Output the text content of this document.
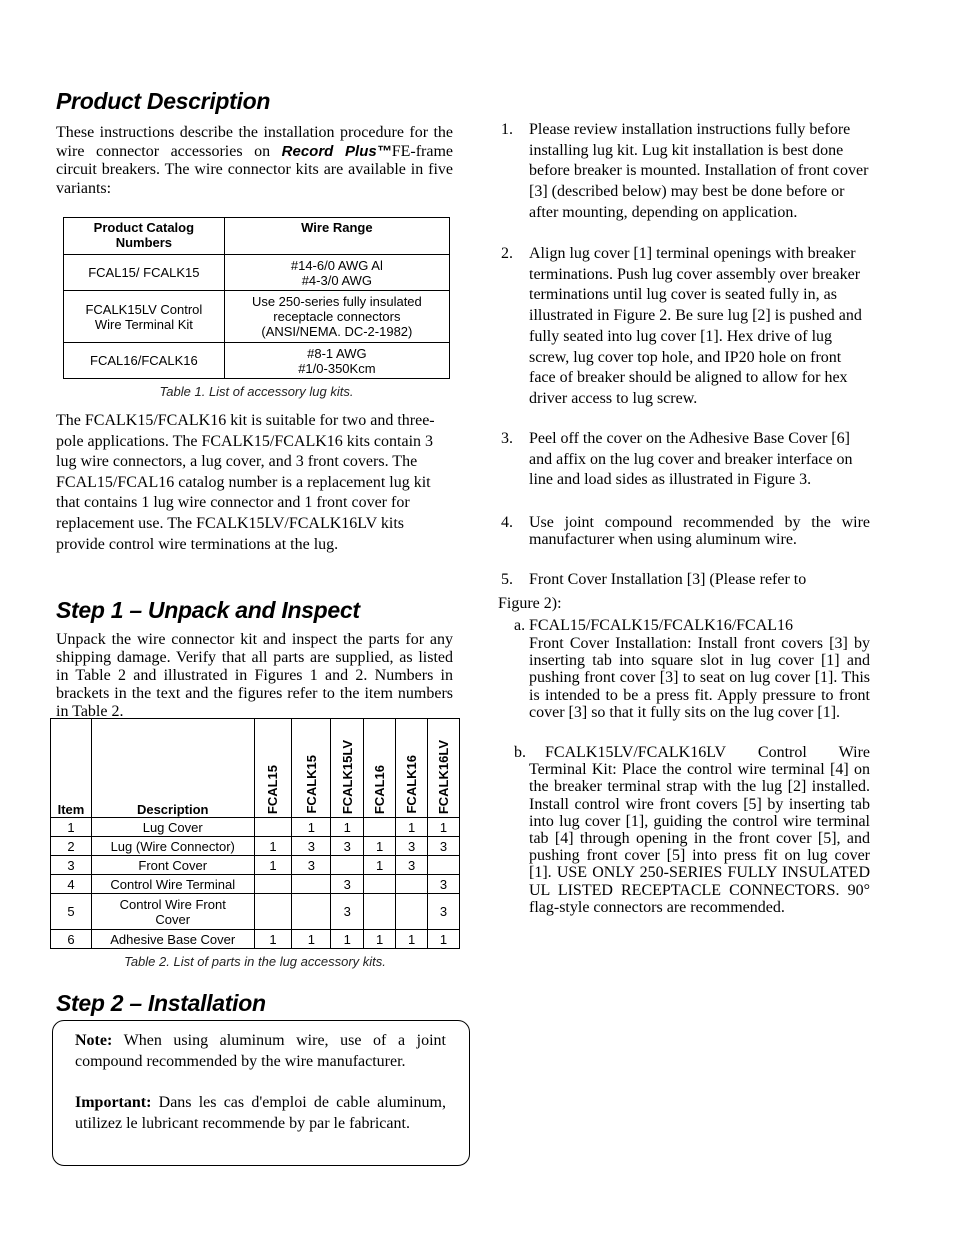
Product Description

These instructions describe the installation procedure for the wire connector accessories on Record Plus™FE-frame circuit breakers. The wire connector kits are available in five variants:

Product Catalog Numbers	Wire Range
FCAL15/ FCALK15	#14-6/0 AWG Al
#4-3/0 AWG

FCALK15LV Control Wire Terminal Kit	Use 250-series fully insulated
receptacle connectors
(ANSI/NEMA. DC-2-1982)

FCAL16/FCALK16	#8-1 AWG
#1/0-350Kcm
Table 1. List of accessory lug kits.

The FCALK15/FCALK16 kit is suitable for two and three-pole applications. The FCALK15/FCALK16 kits contain 3 lug wire connectors, a lug cover, and 3 front covers. The FCAL15/FCAL16 catalog number is a replacement lug kit that contains 1 lug wire connector and 1 front cover for replacement use. The FCALK15LV/FCALK16LV kits provide control wire terminations at the lug.

Step 1 – Unpack and Inspect

Unpack the wire connector kit and inspect the parts for any shipping damage. Verify that all parts are supplied, as listed in Table 2 and illustrated in Figures 1 and 2. Numbers in brackets in the text and the figures refer to the item numbers in Table 2.

Item	Description	FCAL15	FCALK15	FCALK15LV	FCAL16	FCALK16	FCALK16LV
1	Lug Cover		1	1		1	1
2	Lug (Wire Connector)	1	3	3	1	3	3
3	Front Cover	1	3		1	3	
4	Control Wire Terminal			3			3
5	Control Wire Front Cover			3			3
6	Adhesive Base Cover	1	1	1	1	1	1
Table 2. List of parts in the lug accessory kits.
Step 2 – Installation

Note: When using aluminum wire, use of a joint compound recommended by the wire manufacturer.

Important: Dans les cas d'emploi de cable aluminum, utilizez le lubricant recommende by par le fabricant.

1.	Please review installation instructions fully before installing lug kit. Lug kit installation is best done before breaker is mounted. Installation of front cover [3] (described below) may best be done before or after mounting, depending on application.
2.	Align lug cover [1] terminal openings with breaker terminations. Push lug cover assembly over breaker terminations until lug cover is seated fully in, as illustrated in Figure 2. Be sure lug [2] is pushed and fully seated into lug cover [1]. Hex drive of lug screw, lug cover top hole, and IP20 hole on front face of breaker should be aligned to allow for hex driver access to lug screw.
3.	Peel off the cover on the Adhesive Base Cover [6] and affix on the lug cover and breaker interface on line and load sides as illustrated in Figure 3.
4.	Use joint compound recommended by the wire manufacturer when using aluminum wire.
5.	Front Cover Installation [3] (Please refer to
Figure 2):
a. FCAL15/FCALK15/FCALK16/FCAL16

Front Cover Installation: Install front covers [3] by inserting tab into square slot in lug cover [1] and pushing front cover [3] to seat on lug cover [1]. This is intended to be a press fit. Apply pressure to front cover [3] so that it fully sits on the lug cover [1].

b.	FCALK15LV/FCALK16LV Control Wire Terminal Kit: Place the control wire terminal [4] on the breaker terminal strap with the lug [2] installed. Install control wire front covers [5] by inserting tab into lug cover [1], guiding the control wire terminal tab [4] through opening in the front cover [5], and pushing front cover [5] into press fit on lug cover [1]. USE ONLY 250-SERIES FULLY INSULATED UL LISTED RECEPTACLE CONNECTORS. 90° flag-style connectors are recommended.
